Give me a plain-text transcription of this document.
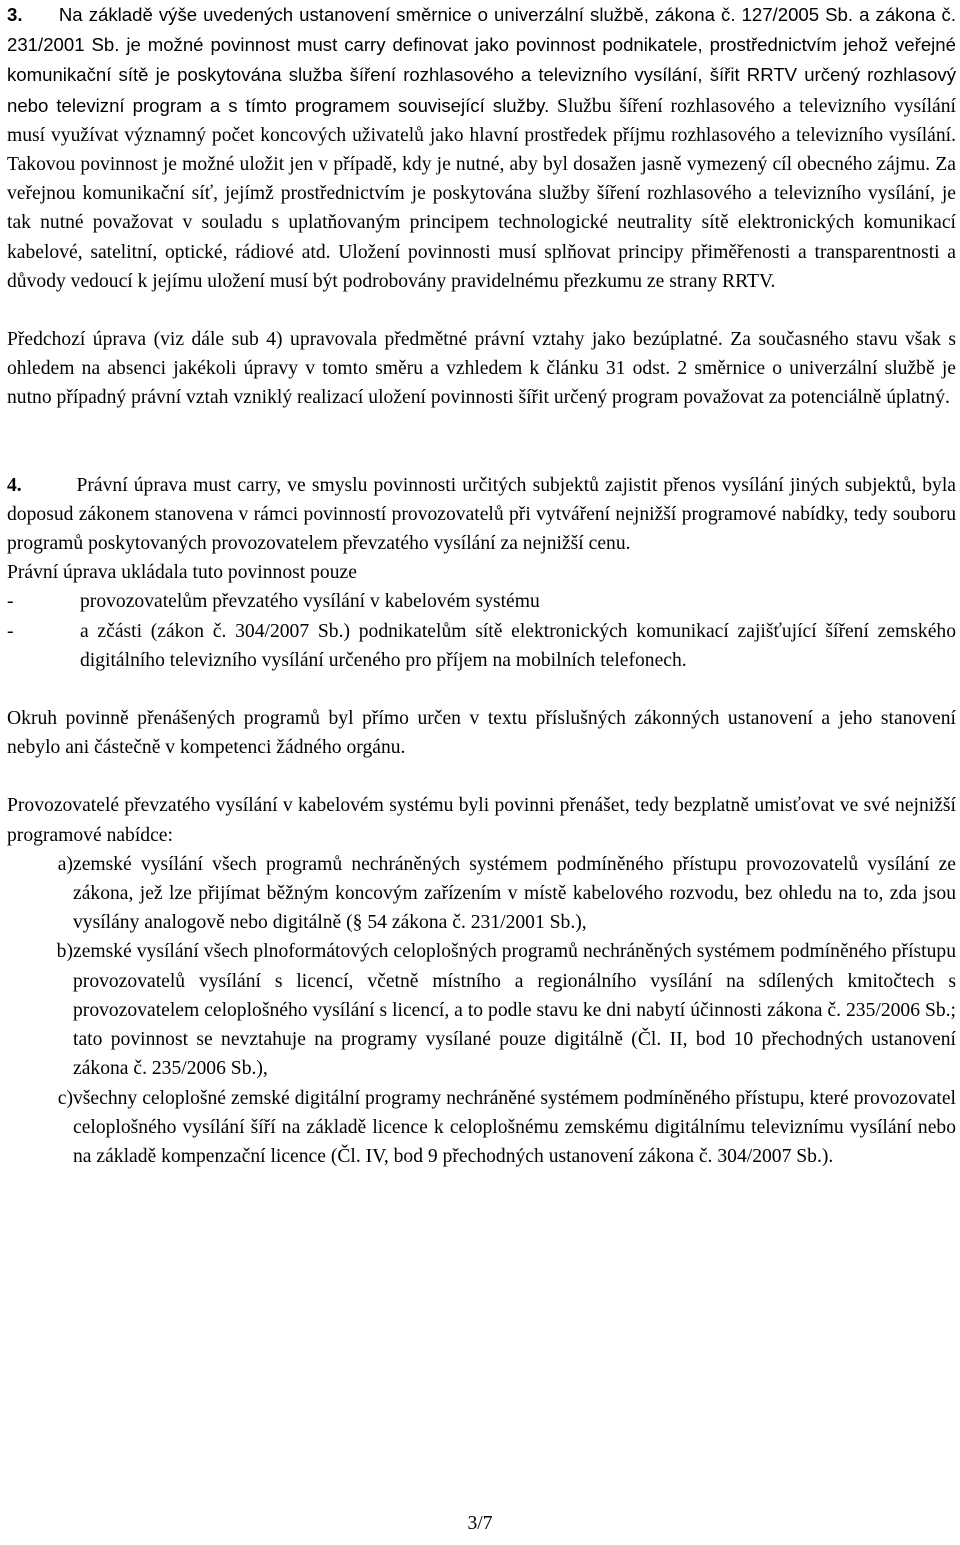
3. Na základě výše uvedených ustanovení směrnice o univerzální službě, zákona č. 127/2005 Sb. a zákona č. 231/2001 Sb. je možné povinnost must carry definovat jako povinnost podnikatele, prostřednictvím jehož veřejné komunikační sítě je poskytována služba šíření rozhlasového a televizního vysílání, šířit RRTV určený rozhlasový nebo televizní program a s tímto programem související služby. Službu šíření rozhlasového a televizního vysílání musí využívat významný počet koncových uživatelů jako hlavní prostředek příjmu rozhlasového a televizního vysílání. Takovou povinnost je možné uložit jen v případě, kdy je nutné, aby byl dosažen jasně vymezený cíl obecného zájmu. Za veřejnou komunikační síť, jejímž prostřednictvím je poskytována služby šíření rozhlasového a televizního vysílání, je tak nutné považovat v souladu s uplatňovaným principem technologické neutrality sítě elektronických komunikací kabelové, satelitní, optické, rádiové atd. Uložení povinnosti musí splňovat principy přiměřenosti a transparentnosti a důvody vedoucí k jejímu uložení musí být podrobovány pravidelnému přezkumu ze strany RRTV.

Předchozí úprava (viz dále sub 4) upravovala předmětné právní vztahy jako bezúplatné. Za současného stavu však s ohledem na absenci jakékoli úpravy v tomto směru a vzhledem k článku 31 odst. 2 směrnice o univerzální službě je nutno případný právní vztah vzniklý realizací uložení povinnosti šířit určený program považovat za potenciálně úplatný.

4.	Právní úprava must carry, ve smyslu povinnosti určitých subjektů zajistit přenos vysílání jiných subjektů, byla doposud zákonem stanovena v rámci povinností provozovatelů při vytváření nejnižší programové nabídky, tedy souboru programů poskytovaných provozovatelem převzatého vysílání za nejnižší cenu.

Právní úprava ukládala tuto povinnost pouze

-	provozovatelům převzatého vysílání v kabelovém systému
-	a zčásti (zákon č. 304/2007 Sb.) podnikatelům sítě elektronických komunikací zajišťující šíření zemského digitálního televizního vysílání určeného pro příjem na mobilních telefonech.

Okruh povinně přenášených programů byl přímo určen v textu příslušných zákonných ustanovení a jeho stanovení nebylo ani částečně v kompetenci žádného orgánu.

Provozovatelé převzatého vysílání v kabelovém systému byli povinni přenášet, tedy bezplatně umisťovat ve své nejnižší programové nabídce:

a) zemské vysílání všech programů nechráněných systémem podmíněného přístupu provozovatelů vysílání ze zákona, jež lze přijímat běžným koncovým zařízením v místě kabelového rozvodu, bez ohledu na to, zda jsou vysílány analogově nebo digitálně (§ 54 zákona č. 231/2001 Sb.),
b) zemské vysílání všech plnoformátových celoplošných programů nechráněných systémem podmíněného přístupu provozovatelů vysílání s licencí, včetně místního a regionálního vysílání na sdílených kmitočtech s provozovatelem celoplošného vysílání s licencí, a to podle stavu ke dni nabytí účinnosti zákona č. 235/2006 Sb.; tato povinnost se nevztahuje na programy vysílané pouze digitálně (Čl. II, bod 10 přechodných ustanovení zákona č. 235/2006 Sb.),
c) všechny celoplošné zemské digitální programy nechráněné systémem podmíněného přístupu, které provozovatel celoplošného vysílání šíří na základě licence k celoplošnému zemskému digitálnímu televiznímu vysílání nebo na základě kompenzační licence (Čl. IV, bod 9 přechodných ustanovení zákona č. 304/2007 Sb.).
3/7
